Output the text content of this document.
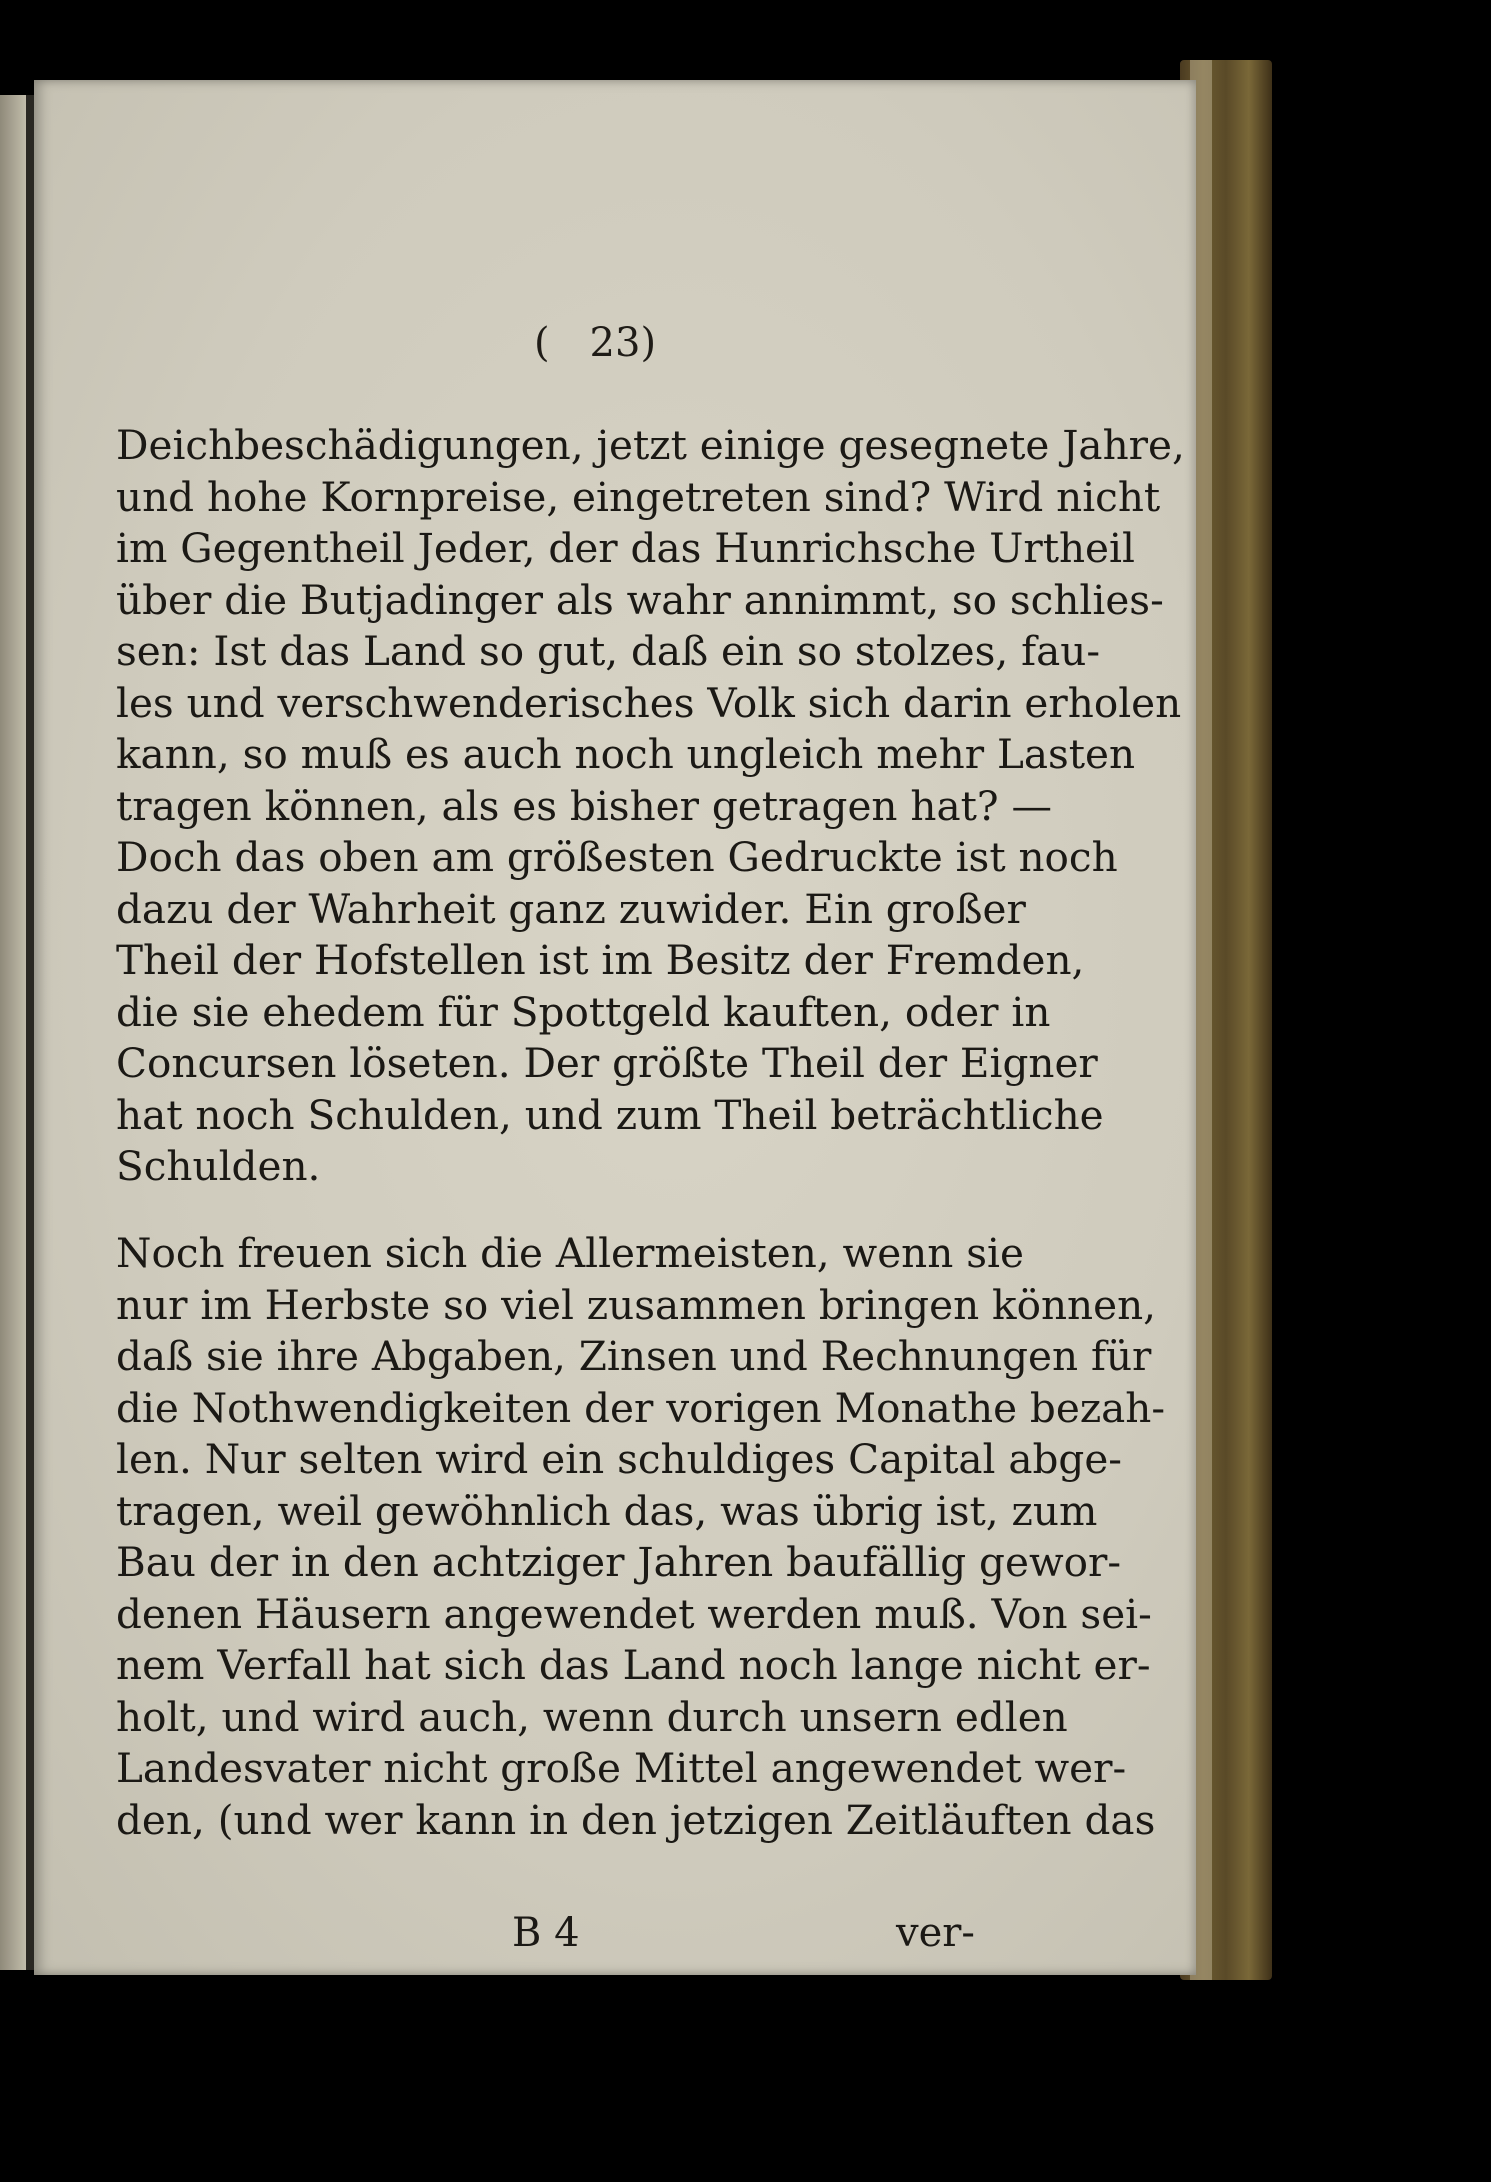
(23)
Deichbeschädigungen, jetzt einige gesegnete Jahre,
und hohe Kornpreise, eingetreten sind? Wird nicht
im Gegentheil Jeder, der das Hunrichsche Urtheil
über die Butjadinger als wahr annimmt, so schlies-
sen: Ist das Land so gut, daß ein so stolzes, fau-
les und verschwenderisches Volk sich darin erholen
kann, so muß es auch noch ungleich mehr Lasten
tragen können, als es bisher getragen hat? —
Doch das oben am größesten Gedruckte ist noch
dazu der Wahrheit ganz zuwider. Ein großer
Theil der Hofstellen ist im Besitz der Fremden,
die sie ehedem für Spottgeld kauften, oder in
Concursen löseten. Der größte Theil der Eigner
hat noch Schulden, und zum Theil beträchtliche
Schulden.
Noch freuen sich die Allermeisten, wenn sie
nur im Herbste so viel zusammen bringen können,
daß sie ihre Abgaben, Zinsen und Rechnungen für
die Nothwendigkeiten der vorigen Monathe bezah-
len. Nur selten wird ein schuldiges Capital abge-
tragen, weil gewöhnlich das, was übrig ist, zum
Bau der in den achtziger Jahren baufällig gewor-
denen Häusern angewendet werden muß. Von sei-
nem Verfall hat sich das Land noch lange nicht er-
holt, und wird auch, wenn durch unsern edlen
Landesvater nicht große Mittel angewendet wer-
den, (und wer kann in den jetzigen Zeitläuften das
B 4	ver-
